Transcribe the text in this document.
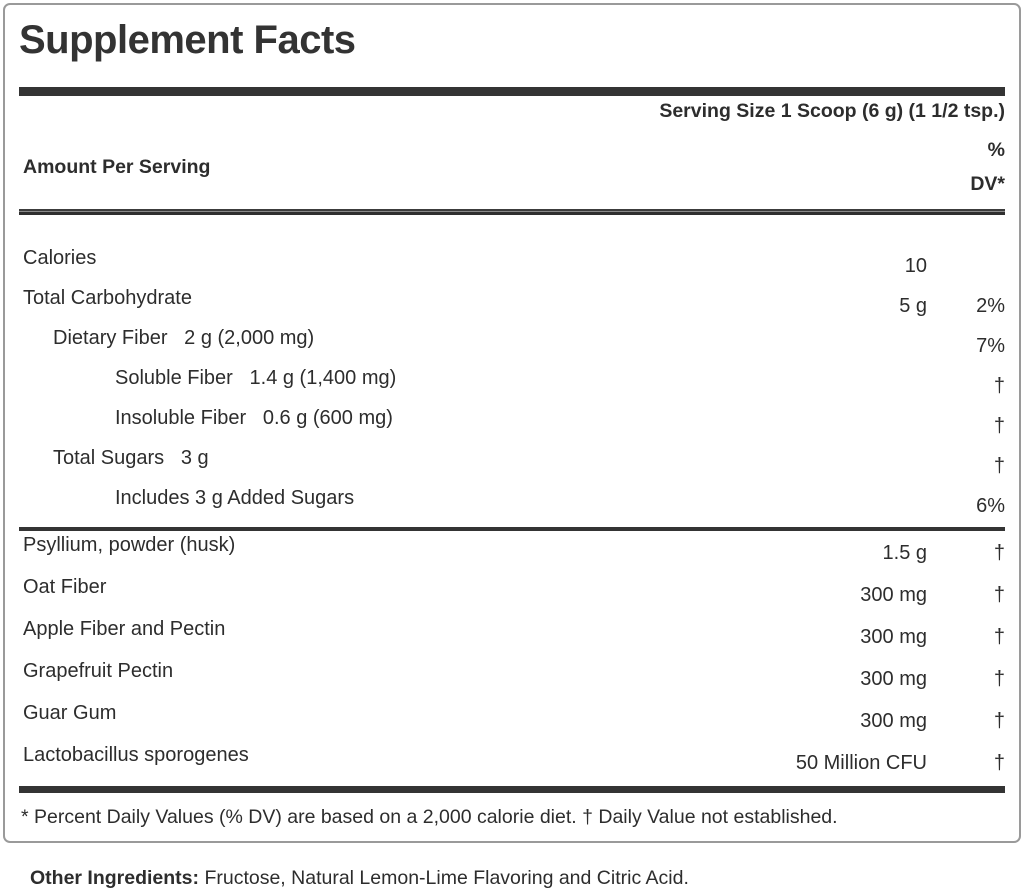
Supplement Facts
Serving Size 1 Scoop (6 g) (1 1/2 tsp.)
Amount Per Serving
%
DV*
Calories	10
Total Carbohydrate	5 g	2%
Dietary Fiber   2 g (2,000 mg)	7%
Soluble Fiber   1.4 g (1,400 mg)	†
Insoluble Fiber   0.6 g (600 mg)	†
Total Sugars   3 g	†
Includes 3 g Added Sugars	6%
Psyllium, powder (husk)	1.5 g	†
Oat Fiber	300 mg	†
Apple Fiber and Pectin	300 mg	†
Grapefruit Pectin	300 mg	†
Guar Gum	300 mg	†
Lactobacillus sporogenes	50 Million CFU	†
* Percent Daily Values (% DV) are based on a 2,000 calorie diet. † Daily Value not established.
Other Ingredients: Fructose, Natural Lemon-Lime Flavoring and Citric Acid.
